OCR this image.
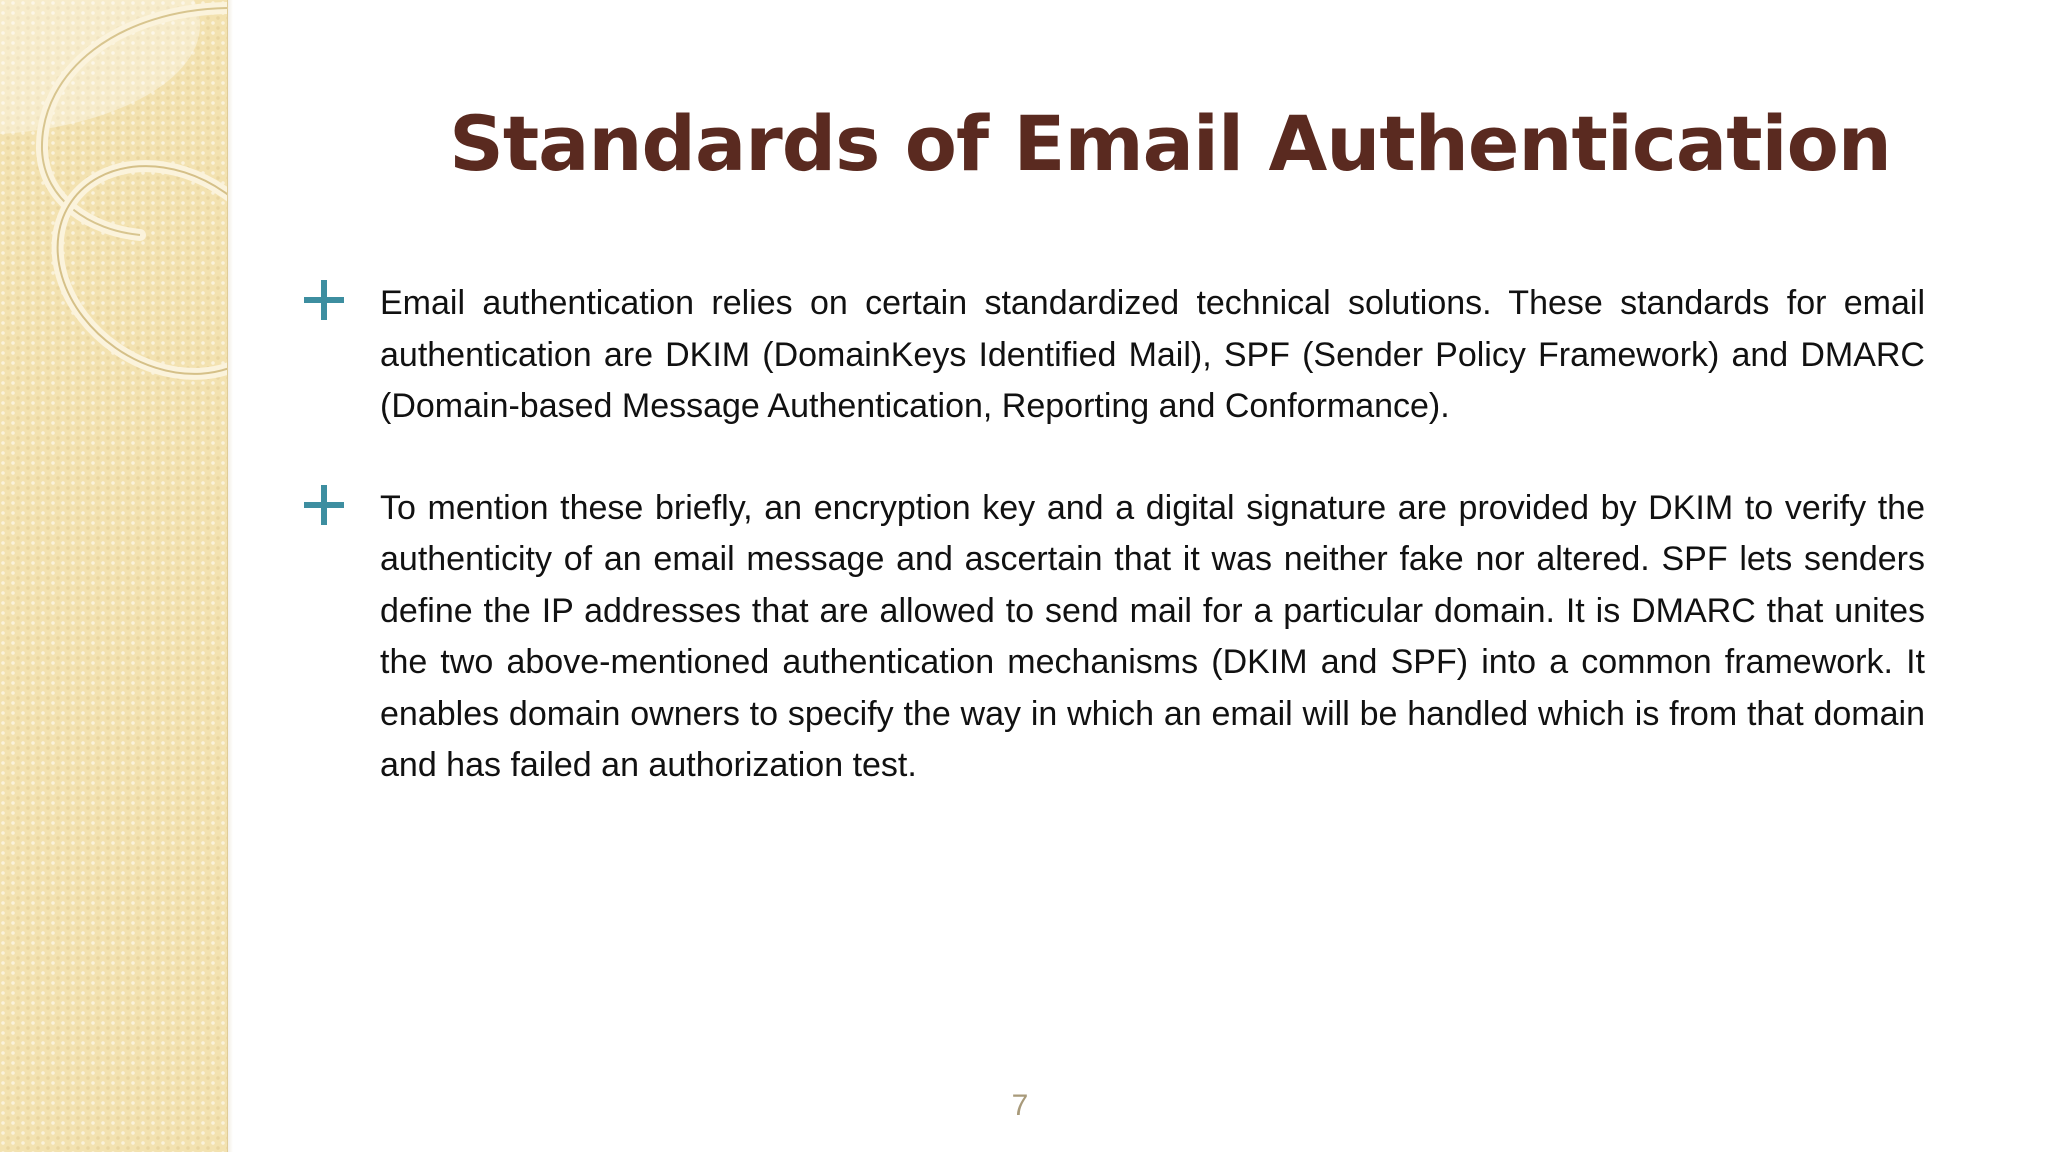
Standards of Email Authentication

Email authentication relies on certain standardized technical solutions. These standards for email authentication are DKIM (DomainKeys Identified Mail), SPF (Sender Policy Framework) and DMARC (Domain-based Message Authentication, Reporting and Conformance).

To mention these briefly, an encryption key and a digital signature are provided by DKIM to verify the authenticity of an email message and ascertain that it was neither fake nor altered. SPF lets senders define the IP addresses that are allowed to send mail for a particular domain. It is DMARC that unites the two above-mentioned authentication mechanisms (DKIM and SPF) into a common framework. It enables domain owners to specify the way in which an email will be handled which is from that domain and has failed an authorization test.

7
